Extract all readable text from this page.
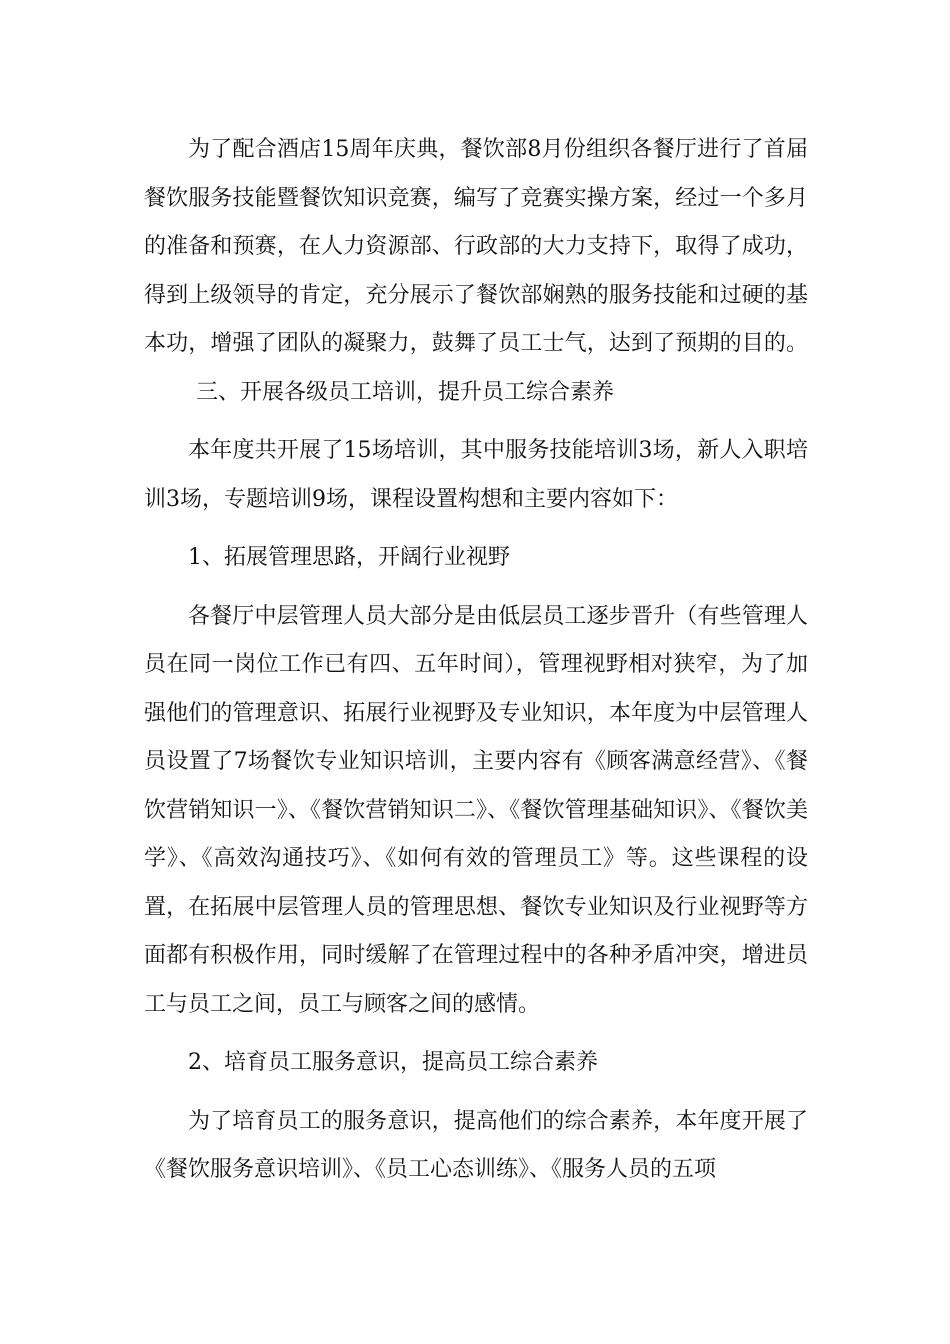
为了配合酒店15周年庆典，餐饮部8月份组织各餐厅进行了首届餐饮服务技能暨餐饮知识竞赛，编写了竞赛实操方案，经过一个多月的准备和预赛，在人力资源部、行政部的大力支持下，取得了成功，得到上级领导的肯定，充分展示了餐饮部娴熟的服务技能和过硬的基本功，增强了团队的凝聚力，鼓舞了员工士气，达到了预期的目的。三、开展各级员工培训，提升员工综合素养

本年度共开展了15场培训，其中服务技能培训3场，新人入职培训3场，专题培训9场，课程设置构想和主要内容如下：

1、拓展管理思路，开阔行业视野

各餐厅中层管理人员大部分是由低层员工逐步晋升（有些管理人员在同一岗位工作已有四、五年时间），管理视野相对狭窄，为了加强他们的管理意识、拓展行业视野及专业知识，本年度为中层管理人员设置了7场餐饮专业知识培训，主要内容有《顾客满意经营》、《餐饮营销知识一》、《餐饮营销知识二》、《餐饮管理基础知识》、《餐饮美学》、《高效沟通技巧》、《如何有效的管理员工》等。这些课程的设置，在拓展中层管理人员的管理思想、餐饮专业知识及行业视野等方面都有积极作用，同时缓解了在管理过程中的各种矛盾冲突，增进员工与员工之间，员工与顾客之间的感情。

2、培育员工服务意识，提高员工综合素养

为了培育员工的服务意识，提高他们的综合素养，本年度开展了《餐饮服务意识培训》、《员工心态训练》、《服务人员的五项
